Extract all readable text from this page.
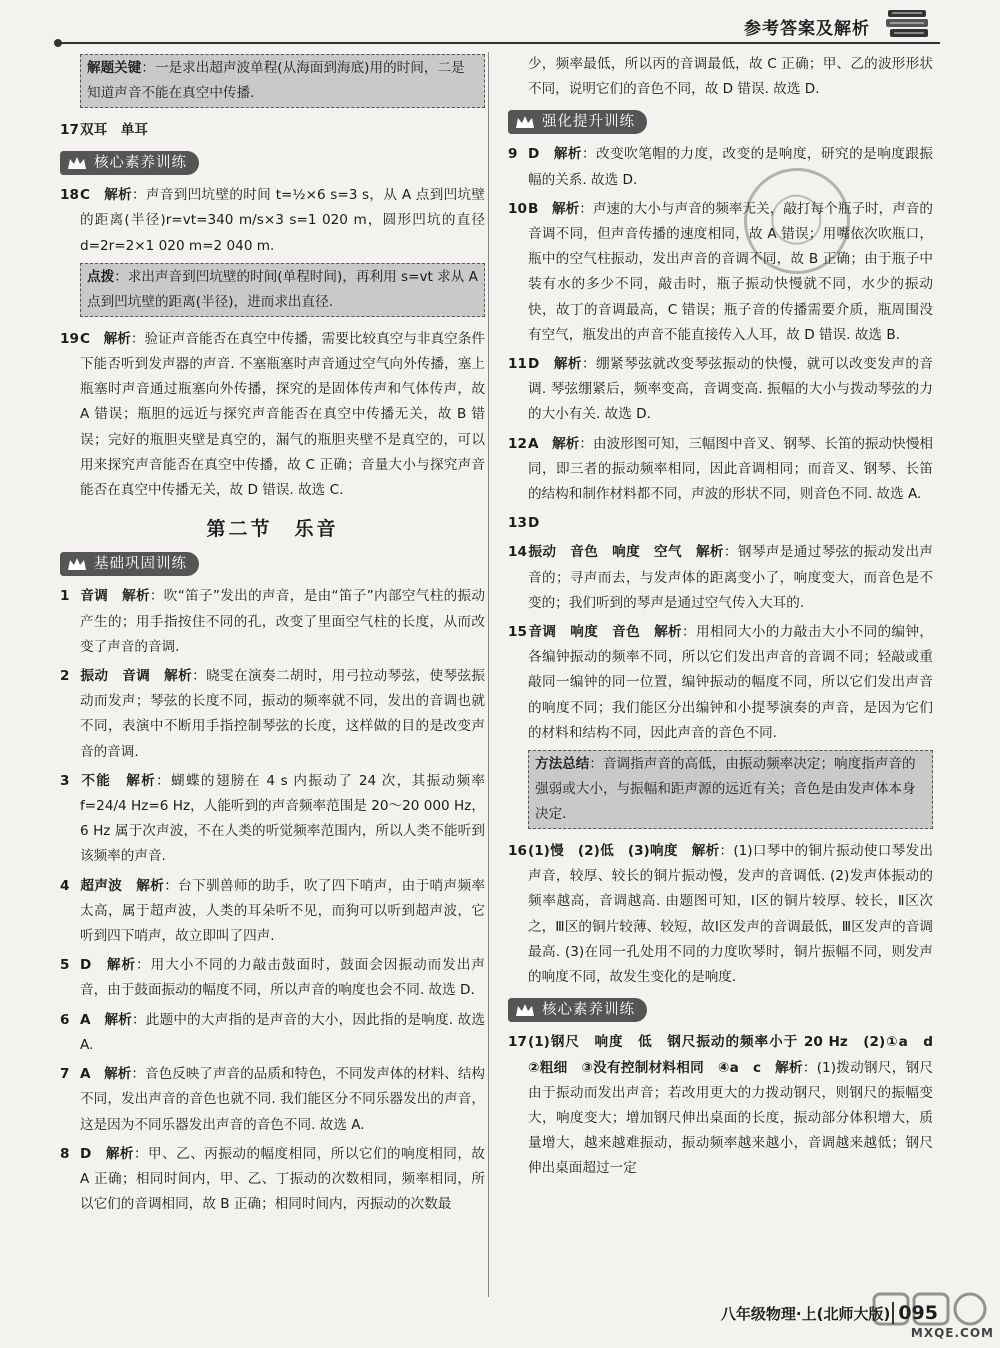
参考答案及解析
解题关键：一是求出超声波单程(从海面到海底)用的时间，二是知道声音不能在真空中传播.
17双耳　单耳
核心素养训练
18C　 解析：声音到凹坑壁的时间 t=½×6 s=3 s，从 A 点到凹坑壁的距离(半径)r=vt=340 m/s×3 s=1 020 m，圆形凹坑的直径 d=2r=2×1 020 m=2 040 m.
点拨：求出声音到凹坑壁的时间(单程时间)，再利用 s=vt 求从 A 点到凹坑壁的距离(半径)，进而求出直径.
19C　 解析：验证声音能否在真空中传播，需要比较真空与非真空条件下能否听到发声器的声音. 不塞瓶塞时声音通过空气向外传播，塞上瓶塞时声音通过瓶塞向外传播，探究的是固体传声和气体传声，故 A 错误；瓶胆的远近与探究声音能否在真空中传播无关，故 B 错误；完好的瓶胆夹壁是真空的，漏气的瓶胆夹壁不是真空的，可以用来探究声音能否在真空中传播，故 C 正确；音量大小与探究声音能否在真空中传播无关，故 D 错误. 故选 C.
第二节　乐音
基础巩固训练
1 音调　 解析：吹“笛子”发出的声音，是由“笛子”内部空气柱的振动产生的；用手指按住不同的孔，改变了里面空气柱的长度，从而改变了声音的音调.
2 振动　音调　 解析：晓雯在演奏二胡时，用弓拉动琴弦，使琴弦振动而发声；琴弦的长度不同，振动的频率就不同，发出的音调也就不同，表演中不断用手指控制琴弦的长度，这样做的目的是改变声音的音调.
3 不能　 解析：蝴蝶的翅膀在 4 s 内振动了 24 次，其振动频率 f=24/4 Hz=6 Hz，人能听到的声音频率范围是 20～20 000 Hz，6 Hz 属于次声波，不在人类的听觉频率范围内，所以人类不能听到该频率的声音.
4 超声波　 解析：台下驯兽师的助手，吹了四下哨声，由于哨声频率太高，属于超声波，人类的耳朵听不见，而狗可以听到超声波，它听到四下哨声，故立即叫了四声.
5 D　 解析：用大小不同的力敲击鼓面时，鼓面会因振动而发出声音，由于鼓面振动的幅度不同，所以声音的响度也会不同. 故选 D.
6 A　 解析：此题中的大声指的是声音的大小，因此指的是响度. 故选 A.
7 A　 解析：音色反映了声音的品质和特色，不同发声体的材料、结构不同，发出声音的音色也就不同. 我们能区分不同乐器发出的声音，这是因为不同乐器发出声音的音色不同. 故选 A.
8 D　 解析：甲、乙、丙振动的幅度相同，所以它们的响度相同，故 A 正确；相同时间内，甲、乙、丁振动的次数相同，频率相同，所以它们的音调相同，故 B 正确；相同时间内，丙振动的次数最
少，频率最低，所以丙的音调最低，故 C 正确；甲、乙的波形形状不同，说明它们的音色不同，故 D 错误. 故选 D.
强化提升训练
9 D　 解析：改变吹笔帽的力度，改变的是响度，研究的是响度跟振幅的关系. 故选 D.
10B　 解析：声速的大小与声音的频率无关，敲打每个瓶子时，声音的音调不同，但声音传播的速度相同，故 A 错误；用嘴依次吹瓶口，瓶中的空气柱振动，发出声音的音调不同，故 B 正确；由于瓶子中装有水的多少不同，敲击时，瓶子振动快慢就不同，水少的振动快，故丁的音调最高，C 错误；瓶子音的传播需要介质，瓶周围没有空气，瓶发出的声音不能直接传入人耳，故 D 错误. 故选 B.
11D　 解析：绷紧琴弦就改变琴弦振动的快慢，就可以改变发声的音调. 琴弦绷紧后，频率变高，音调变高. 振幅的大小与拨动琴弦的力的大小有关. 故选 D.
12A　 解析：由波形图可知，三幅图中音叉、钢琴、长笛的振动快慢相同，即三者的振动频率相同，因此音调相同；而音叉、钢琴、长笛的结构和制作材料都不同，声波的形状不同，则音色不同. 故选 A.
13D
14振动　音色　响度　空气　 解析：钢琴声是通过琴弦的振动发出声音的；寻声而去，与发声体的距离变小了，响度变大，而音色是不变的；我们听到的琴声是通过空气传入大耳的.
15音调　响度　音色　 解析：用相同大小的力敲击大小不同的编钟，各编钟振动的频率不同，所以它们发出声音的音调不同；轻敲或重敲同一编钟的同一位置，编钟振动的幅度不同，所以它们发出声音的响度不同；我们能区分出编钟和小提琴演奏的声音，是因为它们的材料和结构不同，因此声音的音色不同.
方法总结：音调指声音的高低，由振动频率决定；响度指声音的强弱或大小，与振幅和距声源的远近有关；音色是由发声体本身决定.
16(1)慢　(2)低　(3)响度　 解析：(1)口琴中的铜片振动使口琴发出声音，较厚、较长的铜片振动慢，发声的音调低. (2)发声体振动的频率越高，音调越高. 由题图可知，Ⅰ区的铜片较厚、较长，Ⅱ区次之，Ⅲ区的铜片较薄、较短，故Ⅰ区发声的音调最低，Ⅲ区发声的音调最高. (3)在同一孔处用不同的力度吹琴时，铜片振幅不同，则发声的响度不同，故发生变化的是响度.
核心素养训练
17(1)钢尺　响度　低　钢尺振动的频率小于 20 Hz　(2)①a　d　②粗细　③没有控制材料相同　④a　c　 解析：(1)拨动钢尺，钢尺由于振动而发出声音；若改用更大的力拨动钢尺，则钢尺的振幅变大，响度变大；增加钢尺伸出桌面的长度，振动部分体积增大，质量增大，越来越难振动，振动频率越来越小，音调越来越低；钢尺伸出桌面超过一定
八年级物理·上(北师大版) 095
MXQE.COM
